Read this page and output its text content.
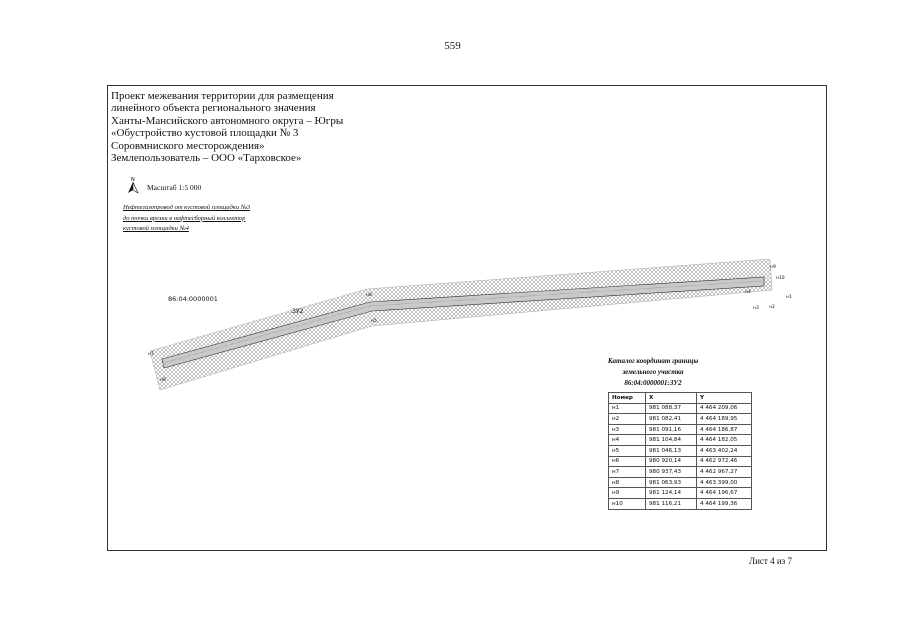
559
Проект межевания территории для размещения
линейного объекта регионального значения
Ханты-Мансийского автономного округа – Югры
«Обустройство кустовой площадки № 3
Соровмниского месторождения»
Землепользователь – ООО «Тарховское»
N
Масштаб 1:5 000
Нефтегазопровод от кустовой площадки №3
до точки врезки в нефтесборный коллектор
кустовой площадки №4
86:04:0000001
:ЗУ2
н10
н1
н2
н3
н9
н4
н8
н5
н7
н6
Каталог координат границы
земельного участка
86:04:0000001:ЗУ2
Номер	X	Y
н1	981 088,37	4 464 209,06
н2	981 082,41	4 464 189,95
н3	981 091,16	4 464 186,87
н4	981 104,84	4 464 182,05
н5	981 046,13	4 463 402,24
н6	980 920,14	4 462 972,46
н7	980 937,43	4 462 967,27
н8	981 063,93	4 463 399,00
н9	981 124,14	4 464 196,67
н10	981 116,21	4 464 199,36
Лист 4 из 7
